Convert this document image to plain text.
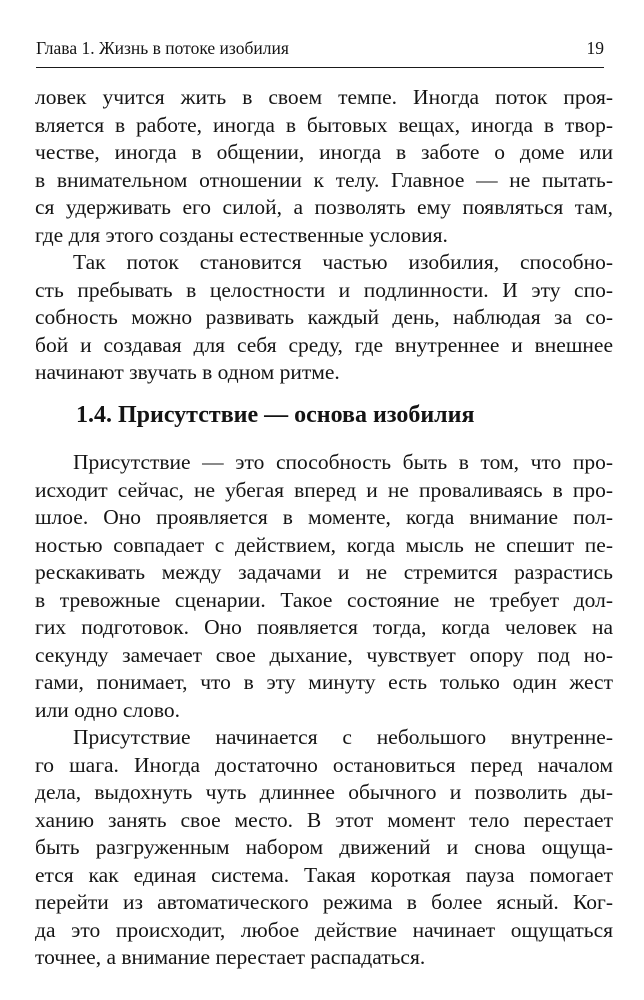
Глава 1. Жизнь в потоке изобилия	19
ловек учится жить в своем темпе. Иногда поток проя-
вляется в работе, иногда в бытовых вещах, иногда в твор-
честве, иногда в общении, иногда в заботе о доме или
в внимательном отношении к телу. Главное — не пытать-
ся удерживать его силой, а позволять ему появляться там,
где для этого созданы естественные условия.
Так поток становится частью изобилия, способно-
сть пребывать в целостности и подлинности. И эту спо-
собность можно развивать каждый день, наблюдая за со-
бой и создавая для себя среду, где внутреннее и внешнее
начинают звучать в одном ритме.
1.4. Присутствие — основа изобилия
Присутствие — это способность быть в том, что про-
исходит сейчас, не убегая вперед и не проваливаясь в про-
шлое. Оно проявляется в моменте, когда внимание пол-
ностью совпадает с действием, когда мысль не спешит пе-
рескакивать между задачами и не стремится разрастись
в тревожные сценарии. Такое состояние не требует дол-
гих подготовок. Оно появляется тогда, когда человек на
секунду замечает свое дыхание, чувствует опору под но-
гами, понимает, что в эту минуту есть только один жест
или одно слово.
Присутствие начинается с небольшого внутренне-
го шага. Иногда достаточно остановиться перед началом
дела, выдохнуть чуть длиннее обычного и позволить ды-
ханию занять свое место. В этот момент тело перестает
быть разгруженным набором движений и снова ощуща-
ется как единая система. Такая короткая пауза помогает
перейти из автоматического режима в более ясный. Ког-
да это происходит, любое действие начинает ощущаться
точнее, а внимание перестает распадаться.
